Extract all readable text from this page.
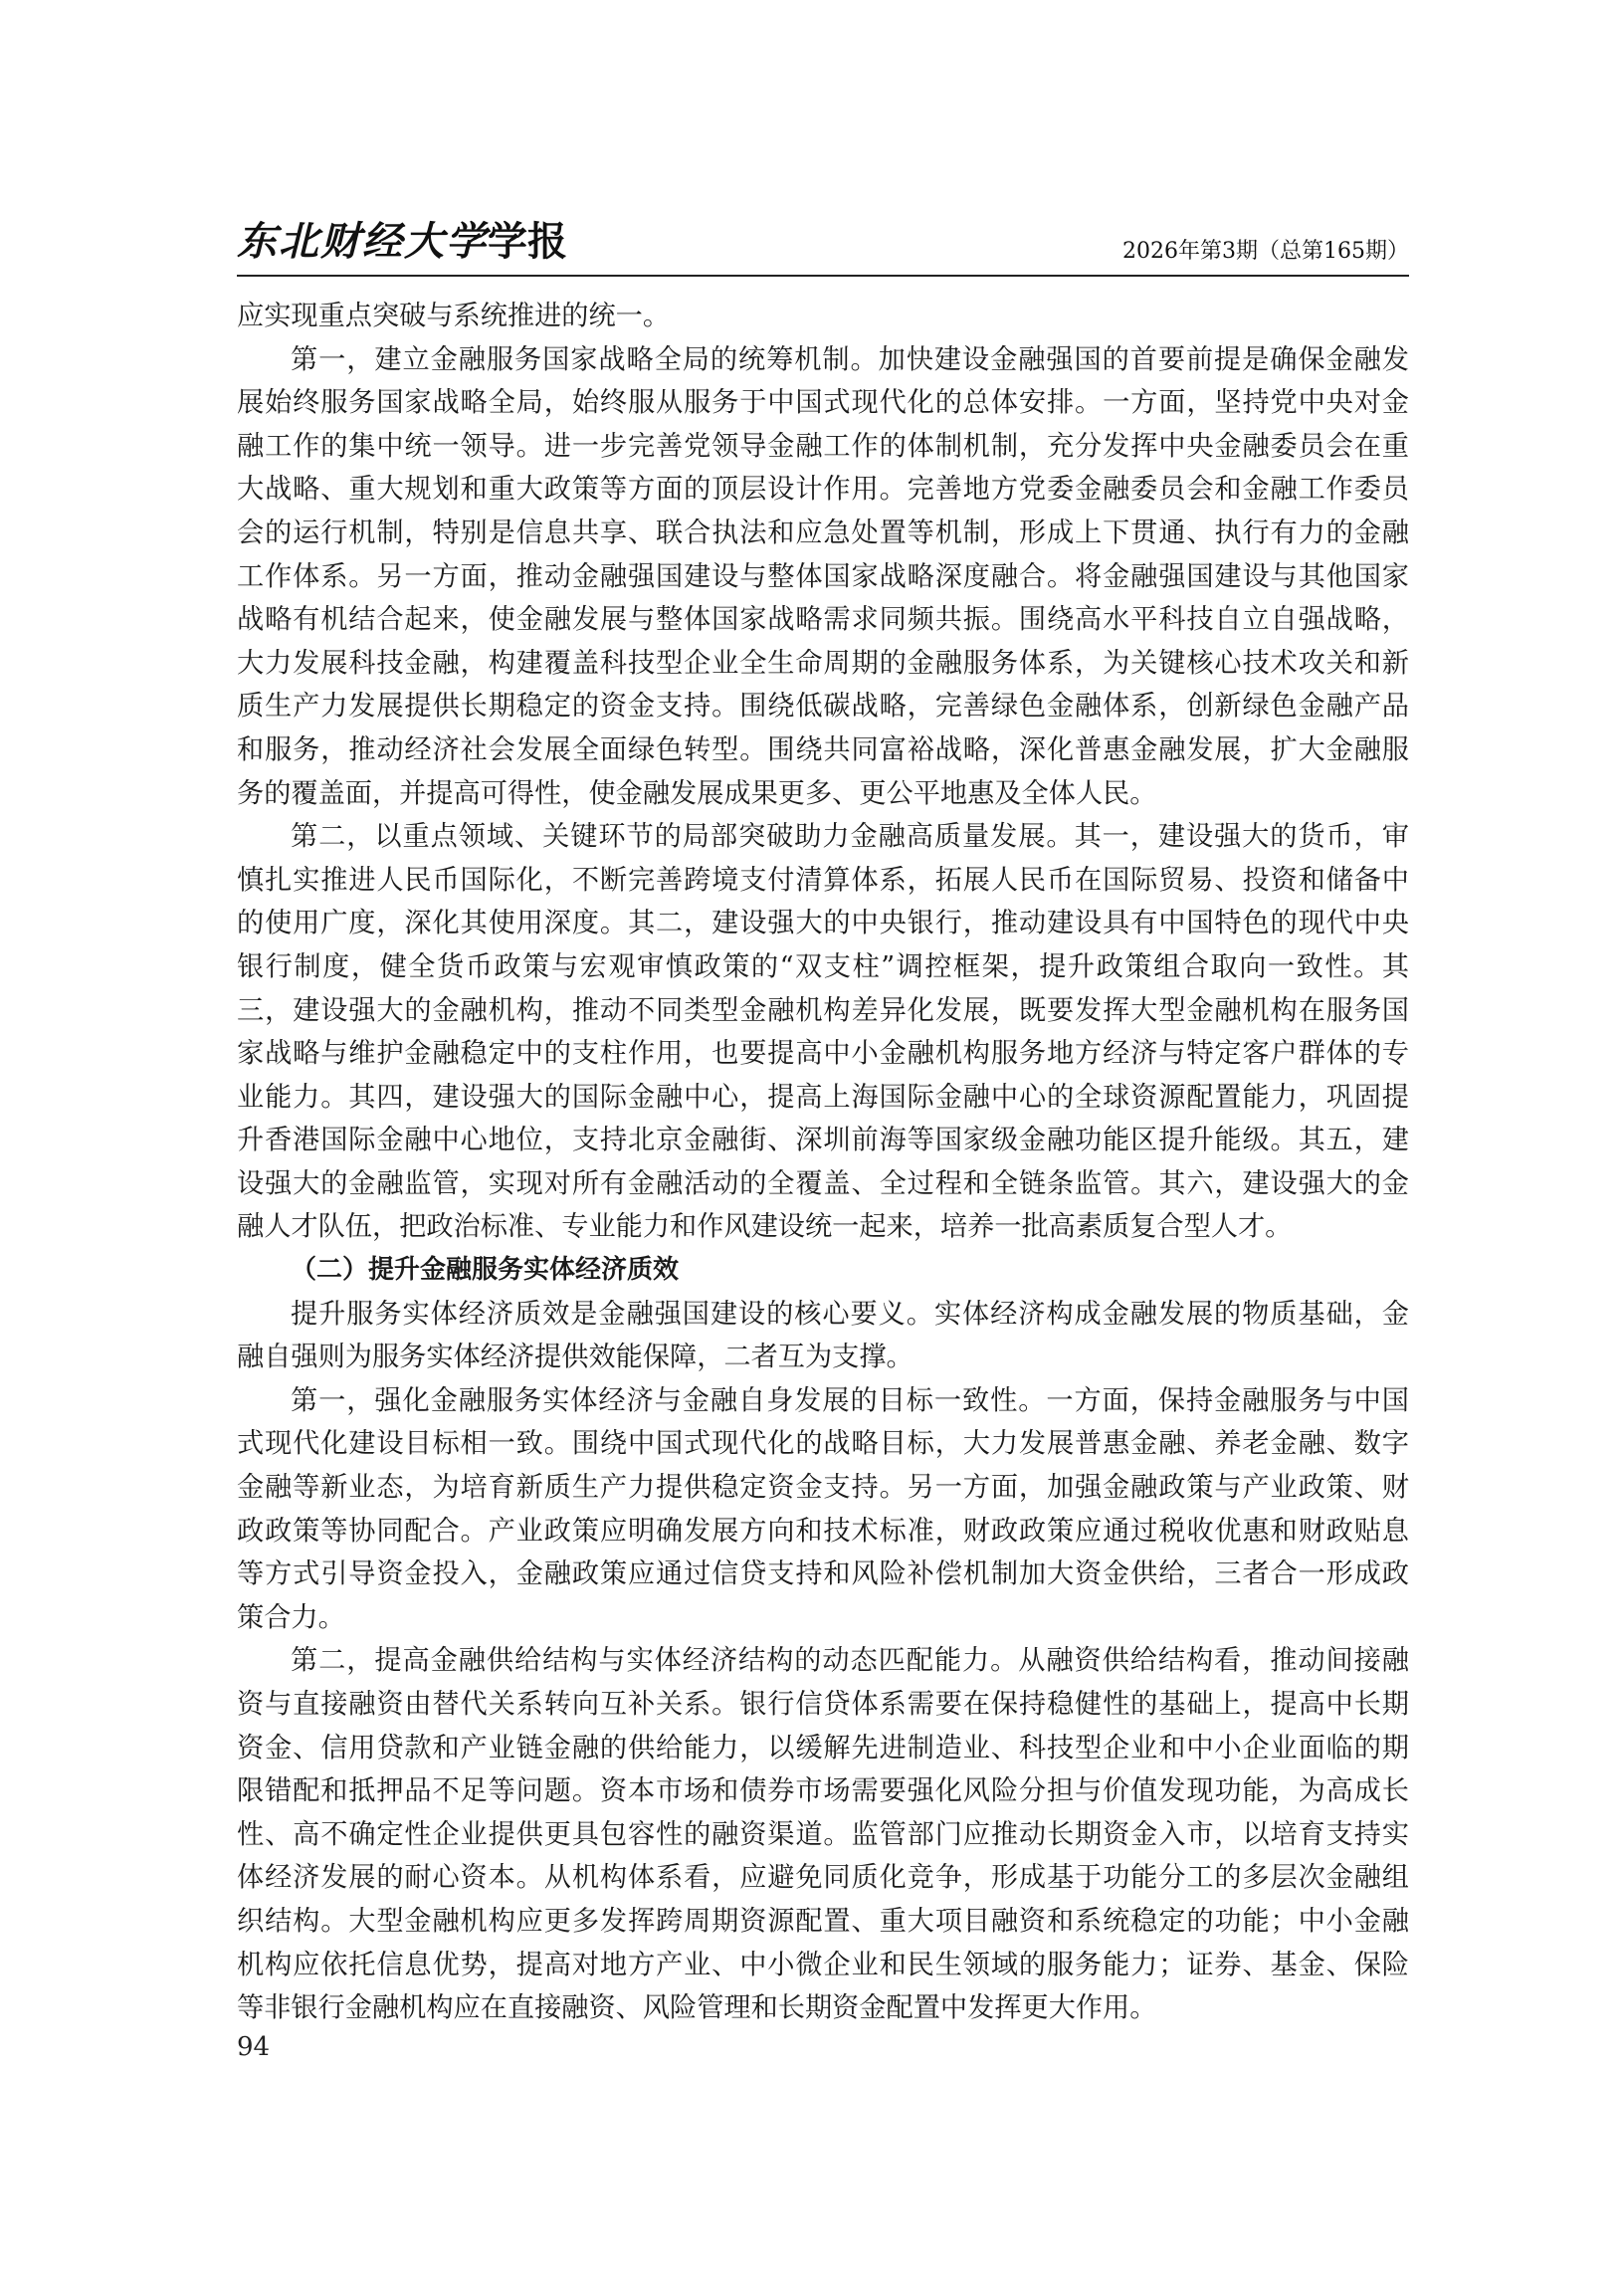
东北财经大学学报	2026年第3期（总第165期）
应实现重点突破与系统推进的统一。
第一，建立金融服务国家战略全局的统筹机制。加快建设金融强国的首要前提是确保金融发
展始终服务国家战略全局，始终服从服务于中国式现代化的总体安排。一方面，坚持党中央对金
融工作的集中统一领导。进一步完善党领导金融工作的体制机制，充分发挥中央金融委员会在重
大战略、重大规划和重大政策等方面的顶层设计作用。完善地方党委金融委员会和金融工作委员
会的运行机制，特别是信息共享、联合执法和应急处置等机制，形成上下贯通、执行有力的金融
工作体系。另一方面，推动金融强国建设与整体国家战略深度融合。将金融强国建设与其他国家
战略有机结合起来，使金融发展与整体国家战略需求同频共振。围绕高水平科技自立自强战略，
大力发展科技金融，构建覆盖科技型企业全生命周期的金融服务体系，为关键核心技术攻关和新
质生产力发展提供长期稳定的资金支持。围绕低碳战略，完善绿色金融体系，创新绿色金融产品
和服务，推动经济社会发展全面绿色转型。围绕共同富裕战略，深化普惠金融发展，扩大金融服
务的覆盖面，并提高可得性，使金融发展成果更多、更公平地惠及全体人民。
第二，以重点领域、关键环节的局部突破助力金融高质量发展。其一，建设强大的货币，审
慎扎实推进人民币国际化，不断完善跨境支付清算体系，拓展人民币在国际贸易、投资和储备中
的使用广度，深化其使用深度。其二，建设强大的中央银行，推动建设具有中国特色的现代中央
银行制度，健全货币政策与宏观审慎政策的“双支柱”调控框架，提升政策组合取向一致性。其
三，建设强大的金融机构，推动不同类型金融机构差异化发展，既要发挥大型金融机构在服务国
家战略与维护金融稳定中的支柱作用，也要提高中小金融机构服务地方经济与特定客户群体的专
业能力。其四，建设强大的国际金融中心，提高上海国际金融中心的全球资源配置能力，巩固提
升香港国际金融中心地位，支持北京金融街、深圳前海等国家级金融功能区提升能级。其五，建
设强大的金融监管，实现对所有金融活动的全覆盖、全过程和全链条监管。其六，建设强大的金
融人才队伍，把政治标准、专业能力和作风建设统一起来，培养一批高素质复合型人才。
（二）提升金融服务实体经济质效
提升服务实体经济质效是金融强国建设的核心要义。实体经济构成金融发展的物质基础，金
融自强则为服务实体经济提供效能保障，二者互为支撑。
第一，强化金融服务实体经济与金融自身发展的目标一致性。一方面，保持金融服务与中国
式现代化建设目标相一致。围绕中国式现代化的战略目标，大力发展普惠金融、养老金融、数字
金融等新业态，为培育新质生产力提供稳定资金支持。另一方面，加强金融政策与产业政策、财
政政策等协同配合。产业政策应明确发展方向和技术标准，财政政策应通过税收优惠和财政贴息
等方式引导资金投入，金融政策应通过信贷支持和风险补偿机制加大资金供给，三者合一形成政
策合力。
第二，提高金融供给结构与实体经济结构的动态匹配能力。从融资供给结构看，推动间接融
资与直接融资由替代关系转向互补关系。银行信贷体系需要在保持稳健性的基础上，提高中长期
资金、信用贷款和产业链金融的供给能力，以缓解先进制造业、科技型企业和中小企业面临的期
限错配和抵押品不足等问题。资本市场和债券市场需要强化风险分担与价值发现功能，为高成长
性、高不确定性企业提供更具包容性的融资渠道。监管部门应推动长期资金入市，以培育支持实
体经济发展的耐心资本。从机构体系看，应避免同质化竞争，形成基于功能分工的多层次金融组
织结构。大型金融机构应更多发挥跨周期资源配置、重大项目融资和系统稳定的功能；中小金融
机构应依托信息优势，提高对地方产业、中小微企业和民生领域的服务能力；证券、基金、保险
等非银行金融机构应在直接融资、风险管理和长期资金配置中发挥更大作用。
94
